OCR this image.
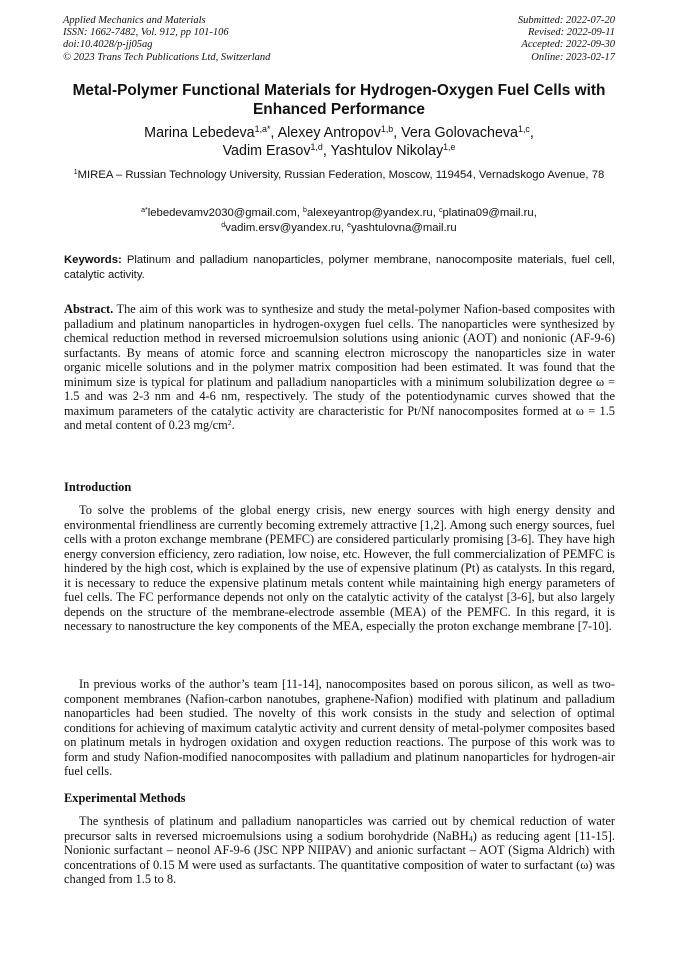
Applied Mechanics and Materials
ISSN: 1662-7482, Vol. 912, pp 101-106
doi:10.4028/p-jj05ag
© 2023 Trans Tech Publications Ltd, Switzerland
Submitted: 2022-07-20
Revised: 2022-09-11
Accepted: 2022-09-30
Online: 2023-02-17
Metal-Polymer Functional Materials for Hydrogen-Oxygen Fuel Cells with Enhanced Performance
Marina Lebedeva$^{1,a*}$, Alexey Antropov$^{1,b}$, Vera Golovacheva$^{1,c}$,
Vadim Erasov$^{1,d}$, Yashtulov Nikolay$^{1,e}$
$^1$MIREA – Russian Technology University, Russian Federation, Moscow, 119454, Vernadskogo Avenue, 78
$^{a*}$lebedevamv2030@gmail.com, $^b$alexeyantrop@yandex.ru, $^c$platina09@mail.ru,
$^d$vadim.ersv@yandex.ru, $^e$yashtulovna@mail.ru
Keywords: Platinum and palladium nanoparticles, polymer membrane, nanocomposite materials, fuel cell, catalytic activity.
Abstract. The aim of this work was to synthesize and study the metal-polymer Nafion-based composites with palladium and platinum nanoparticles in hydrogen-oxygen fuel cells. The nanoparticles were synthesized by chemical reduction method in reversed microemulsion solutions using anionic (AOT) and nonionic (AF-9-6) surfactants. By means of atomic force and scanning electron microscopy the nanoparticles size in water organic micelle solutions and in the polymer matrix composition had been estimated. It was found that the minimum size is typical for platinum and palladium nanoparticles with a minimum solubilization degree ω = 1.5 and was 2-3 nm and 4-6 nm, respectively. The study of the potentiodynamic curves showed that the maximum parameters of the catalytic activity are characteristic for Pt/Nf nanocomposites formed at ω = 1.5 and metal content of 0.23 $mg/cm^2$.
Introduction

To solve the problems of the global energy crisis, new energy sources with high energy density and environmental friendliness are currently becoming extremely attractive [1,2]. Among such energy sources, fuel cells with a proton exchange membrane (PEMFC) are considered particularly promising [3-6]. They have high energy conversion efficiency, zero radiation, low noise, etc. However, the full commercialization of PEMFC is hindered by the high cost, which is explained by the use of expensive platinum (Pt) as catalysts. In this regard, it is necessary to reduce the expensive platinum metals content while maintaining high energy parameters of fuel cells. The FC performance depends not only on the catalytic activity of the catalyst [3-6], but also largely depends on the structure of the membrane-electrode assemble (MEA) of the PEMFC. In this regard, it is necessary to nanostructure the key components of the MEA, especially the proton exchange membrane [7-10].

In previous works of the author’s team [11-14], nanocomposites based on porous silicon, as well as two-component membranes (Nafion-carbon nanotubes, graphene-Nafion) modified with platinum and palladium nanoparticles had been studied. The novelty of this work consists in the study and selection of optimal conditions for achieving of maximum catalytic activity and current density of metal-polymer composites based on platinum metals in hydrogen oxidation and oxygen reduction reactions. The purpose of this work was to form and study Nafion-modified nanocomposites with palladium and platinum nanoparticles for hydrogen-air fuel cells.

Experimental Methods

The synthesis of platinum and palladium nanoparticles was carried out by chemical reduction of water precursor salts in reversed microemulsions using a sodium borohydride (NaBH$_4$) as reducing agent [11-15]. Nonionic surfactant – neonol AF-9-6 (JSC NPP NIIPAV) and anionic surfactant – AOT (Sigma Aldrich) with concentrations of 0.15 M were used as surfactants. The quantitative composition of water to surfactant (ω) was changed from 1.5 to 8.
